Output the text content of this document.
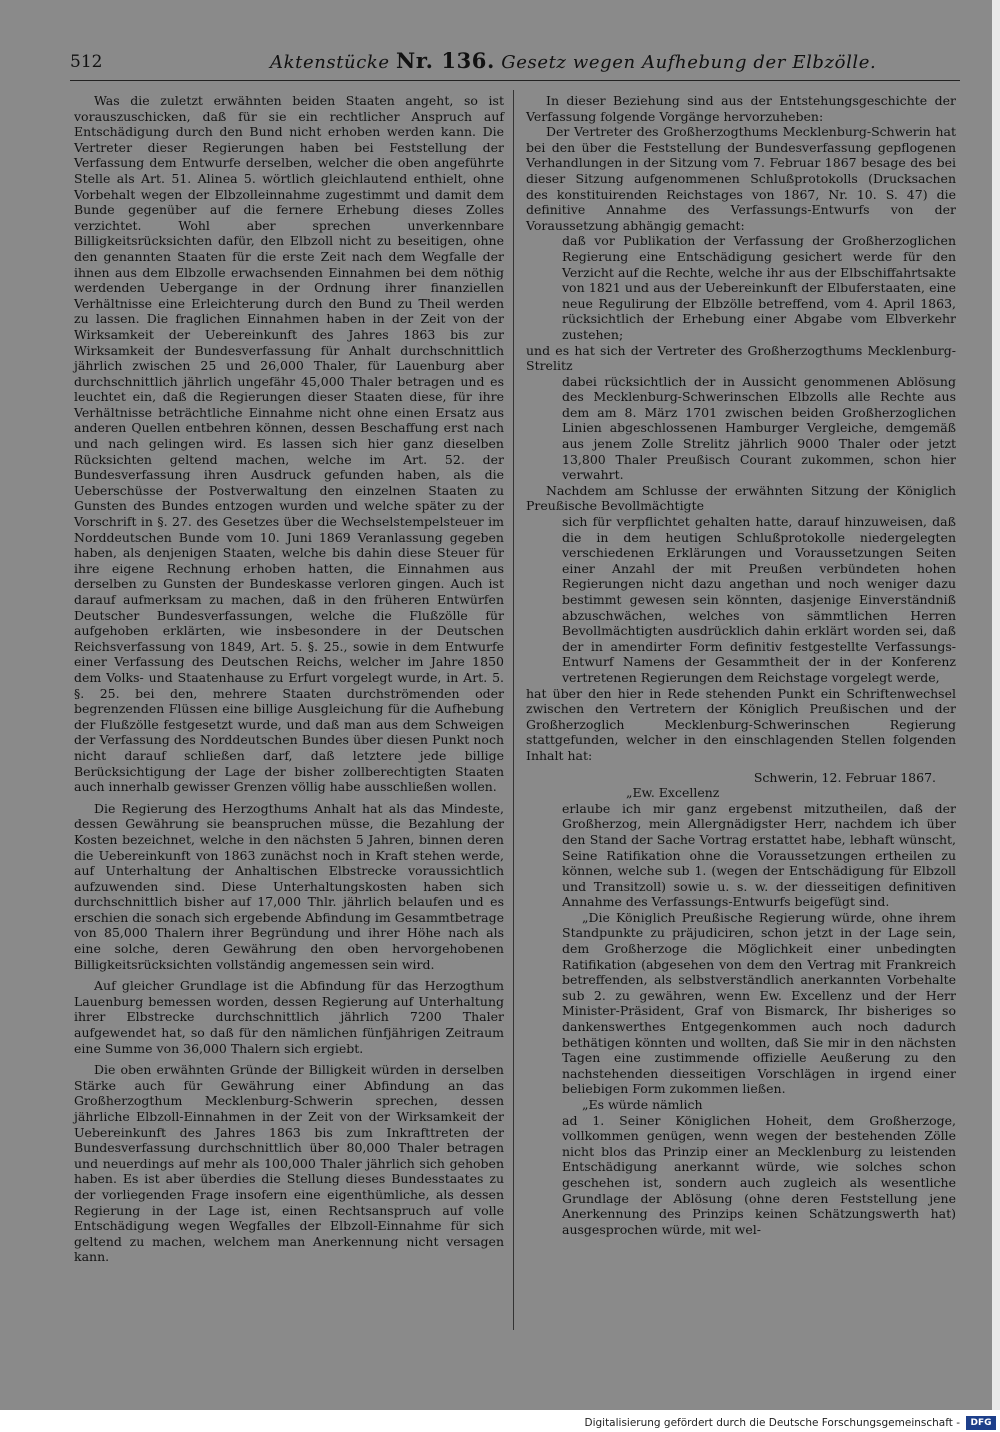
512	Aktenstücke Nr. 136. Gesetz wegen Aufhebung der Elbzölle.

Was die zuletzt erwähnten beiden Staaten angeht, so ist vorauszuschicken, daß für sie ein rechtlicher Anspruch auf Entschädigung durch den Bund nicht erhoben werden kann. Die Vertreter dieser Regierungen haben bei Feststellung der Verfassung dem Entwurfe derselben, welcher die oben angeführte Stelle als Art. 51. Alinea 5. wörtlich gleichlautend enthielt, ohne Vorbehalt wegen der Elbzolleinnahme zugestimmt und damit dem Bunde gegenüber auf die fernere Erhebung dieses Zolles verzichtet. Wohl aber sprechen unverkennbare Billigkeitsrücksichten dafür, den Elbzoll nicht zu beseitigen, ohne den genannten Staaten für die erste Zeit nach dem Wegfalle der ihnen aus dem Elbzolle erwachsenden Einnahmen bei dem nöthig werdenden Uebergange in der Ordnung ihrer finanziellen Verhältnisse eine Erleichterung durch den Bund zu Theil werden zu lassen. Die fraglichen Einnahmen haben in der Zeit von der Wirksamkeit der Uebereinkunft des Jahres 1863 bis zur Wirksamkeit der Bundesverfassung für Anhalt durchschnittlich jährlich zwischen 25 und 26,000 Thaler, für Lauenburg aber durchschnittlich jährlich ungefähr 45,000 Thaler betragen und es leuchtet ein, daß die Regierungen dieser Staaten diese, für ihre Verhältnisse beträchtliche Einnahme nicht ohne einen Ersatz aus anderen Quellen entbehren können, dessen Beschaffung erst nach und nach gelingen wird. Es lassen sich hier ganz dieselben Rücksichten geltend machen, welche im Art. 52. der Bundesverfassung ihren Ausdruck gefunden haben, als die Ueberschüsse der Postverwaltung den einzelnen Staaten zu Gunsten des Bundes entzogen wurden und welche später zu der Vorschrift in §. 27. des Gesetzes über die Wechselstempelsteuer im Norddeutschen Bunde vom 10. Juni 1869 Veranlassung gegeben haben, als denjenigen Staaten, welche bis dahin diese Steuer für ihre eigene Rechnung erhoben hatten, die Einnahmen aus derselben zu Gunsten der Bundeskasse verloren gingen. Auch ist darauf aufmerksam zu machen, daß in den früheren Entwürfen Deutscher Bundesverfassungen, welche die Flußzölle für aufgehoben erklärten, wie insbesondere in der Deutschen Reichsverfassung von 1849, Art. 5. §. 25., sowie in dem Entwurfe einer Verfassung des Deutschen Reichs, welcher im Jahre 1850 dem Volks- und Staatenhause zu Erfurt vorgelegt wurde, in Art. 5. §. 25. bei den, mehrere Staaten durchströmenden oder begrenzenden Flüssen eine billige Ausgleichung für die Aufhebung der Flußzölle festgesetzt wurde, und daß man aus dem Schweigen der Verfassung des Norddeutschen Bundes über diesen Punkt noch nicht darauf schließen darf, daß letztere jede billige Berücksichtigung der Lage der bisher zollberechtigten Staaten auch innerhalb gewisser Grenzen völlig habe ausschließen wollen.

Die Regierung des Herzogthums Anhalt hat als das Mindeste, dessen Gewährung sie beanspruchen müsse, die Bezahlung der Kosten bezeichnet, welche in den nächsten 5 Jahren, binnen deren die Uebereinkunft von 1863 zunächst noch in Kraft stehen werde, auf Unterhaltung der Anhaltischen Elbstrecke voraussichtlich aufzuwenden sind. Diese Unterhaltungskosten haben sich durchschnittlich bisher auf 17,000 Thlr. jährlich belaufen und es erschien die sonach sich ergebende Abfindung im Gesammtbetrage von 85,000 Thalern ihrer Begründung und ihrer Höhe nach als eine solche, deren Gewährung den oben hervorgehobenen Billigkeitsrücksichten vollständig angemessen sein wird.

Auf gleicher Grundlage ist die Abfindung für das Herzogthum Lauenburg bemessen worden, dessen Regierung auf Unterhaltung ihrer Elbstrecke durchschnittlich jährlich 7200 Thaler aufgewendet hat, so daß für den nämlichen fünfjährigen Zeitraum eine Summe von 36,000 Thalern sich ergiebt.

Die oben erwähnten Gründe der Billigkeit würden in derselben Stärke auch für Gewährung einer Abfindung an das Großherzogthum Mecklenburg-Schwerin sprechen, dessen jährliche Elbzoll-Einnahmen in der Zeit von der Wirksamkeit der Uebereinkunft des Jahres 1863 bis zum Inkrafttreten der Bundesverfassung durchschnittlich über 80,000 Thaler betragen und neuerdings auf mehr als 100,000 Thaler jährlich sich gehoben haben. Es ist aber überdies die Stellung dieses Bundesstaates zu der vorliegenden Frage insofern eine eigenthümliche, als dessen Regierung in der Lage ist, einen Rechtsanspruch auf volle Entschädigung wegen Wegfalles der Elbzoll-Einnahme für sich geltend zu machen, welchem man Anerkennung nicht versagen kann.

In dieser Beziehung sind aus der Entstehungsgeschichte der Verfassung folgende Vorgänge hervorzuheben:

Der Vertreter des Großherzogthums Mecklenburg-Schwerin hat bei den über die Feststellung der Bundesverfassung gepflogenen Verhandlungen in der Sitzung vom 7. Februar 1867 besage des bei dieser Sitzung aufgenommenen Schlußprotokolls (Drucksachen des konstituirenden Reichstages von 1867, Nr. 10. S. 47) die definitive Annahme des Verfassungs-Entwurfs von der Voraussetzung abhängig gemacht:

daß vor Publikation der Verfassung der Großherzoglichen Regierung eine Entschädigung gesichert werde für den Verzicht auf die Rechte, welche ihr aus der Elbschiffahrtsakte von 1821 und aus der Uebereinkunft der Elbuferstaaten, eine neue Regulirung der Elbzölle betreffend, vom 4. April 1863, rücksichtlich der Erhebung einer Abgabe vom Elbverkehr zustehen;

und es hat sich der Vertreter des Großherzogthums Mecklenburg-Strelitz

dabei rücksichtlich der in Aussicht genommenen Ablösung des Mecklenburg-Schwerinschen Elbzolls alle Rechte aus dem am 8. März 1701 zwischen beiden Großherzoglichen Linien abgeschlossenen Hamburger Vergleiche, demgemäß aus jenem Zolle Strelitz jährlich 9000 Thaler oder jetzt 13,800 Thaler Preußisch Courant zukommen, schon hier verwahrt.

Nachdem am Schlusse der erwähnten Sitzung der Königlich Preußische Bevollmächtigte

sich für verpflichtet gehalten hatte, darauf hinzuweisen, daß die in dem heutigen Schlußprotokolle niedergelegten verschiedenen Erklärungen und Voraussetzungen Seiten einer Anzahl der mit Preußen verbündeten hohen Regierungen nicht dazu angethan und noch weniger dazu bestimmt gewesen sein könnten, dasjenige Einverständniß abzuschwächen, welches von sämmtlichen Herren Bevollmächtigten ausdrücklich dahin erklärt worden sei, daß der in amendirter Form definitiv festgestellte Verfassungs-Entwurf Namens der Gesammtheit der in der Konferenz vertretenen Regierungen dem Reichstage vorgelegt werde,

hat über den hier in Rede stehenden Punkt ein Schriftenwechsel zwischen den Vertretern der Königlich Preußischen und der Großherzoglich Mecklenburg-Schwerinschen Regierung stattgefunden, welcher in den einschlagenden Stellen folgenden Inhalt hat:

Schwerin, 12. Februar 1867.

„Ew. Excellenz

erlaube ich mir ganz ergebenst mitzutheilen, daß der Großherzog, mein Allergnädigster Herr, nachdem ich über den Stand der Sache Vortrag erstattet habe, lebhaft wünscht, Seine Ratifikation ohne die Voraussetzungen ertheilen zu können, welche sub 1. (wegen der Entschädigung für Elbzoll und Transitzoll) sowie u. s. w. der diesseitigen definitiven Annahme des Verfassungs-Entwurfs beigefügt sind.

„Die Königlich Preußische Regierung würde, ohne ihrem Standpunkte zu präjudiciren, schon jetzt in der Lage sein, dem Großherzoge die Möglichkeit einer unbedingten Ratifikation (abgesehen von dem den Vertrag mit Frankreich betreffenden, als selbstverständlich anerkannten Vorbehalte sub 2. zu gewähren, wenn Ew. Excellenz und der Herr Minister-Präsident, Graf von Bismarck, Ihr bisheriges so dankenswerthes Entgegenkommen auch noch dadurch bethätigen könnten und wollten, daß Sie mir in den nächsten Tagen eine zustimmende offizielle Aeußerung zu den nachstehenden diesseitigen Vorschlägen in irgend einer beliebigen Form zukommen ließen.

„Es würde nämlich

ad 1. Seiner Königlichen Hoheit, dem Großherzoge, vollkommen genügen, wenn wegen der bestehenden Zölle nicht blos das Prinzip einer an Mecklenburg zu leistenden Entschädigung anerkannt würde, wie solches schon geschehen ist, sondern auch zugleich als wesentliche Grundlage der Ablösung (ohne deren Feststellung jene Anerkennung des Prinzips keinen Schätzungswerth hat) ausgesprochen würde, mit wel-

Digitalisierung gefördert durch die Deutsche Forschungsgemeinschaft -	DFG
